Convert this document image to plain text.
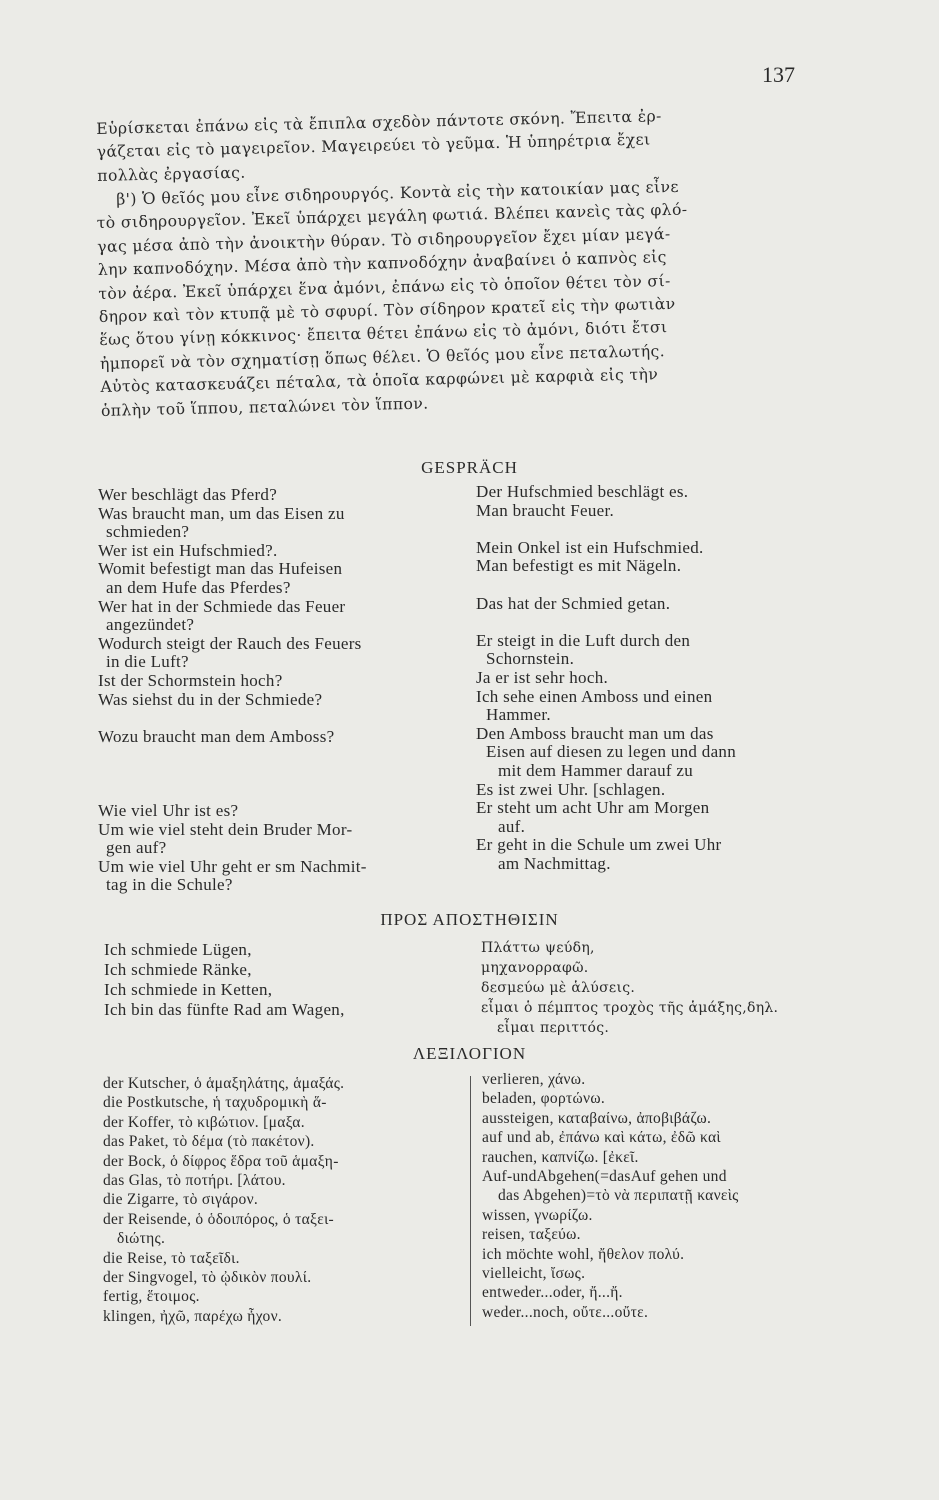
137

Εὑρίσκεται ἐπάνω εἰς τὰ ἔπιπλα σχεδὸν πάντοτε σκόνη. Ἔπειτα ἐρ-

γάζεται εἰς τὸ μαγειρεῖον. Μαγειρεύει τὸ γεῦμα. Ἡ ὑπηρέτρια ἔχει

πολλὰς ἐργασίας.

β') Ὁ θεῖός μου εἶνε σιδηρουργός. Κοντὰ εἰς τὴν κατοικίαν μας εἶνε

τὸ σιδηρουργεῖον. Ἐκεῖ ὑπάρχει μεγάλη φωτιά. Βλέπει κανεὶς τὰς φλό-

γας μέσα ἀπὸ τὴν ἀνοικτὴν θύραν. Τὸ σιδηρουργεῖον ἔχει μίαν μεγά-

λην καπνοδόχην. Μέσα ἀπὸ τὴν καπνοδόχην ἀναβαίνει ὁ καπνὸς εἰς

τὸν ἀέρα. Ἐκεῖ ὑπάρχει ἕνα ἀμόνι, ἐπάνω εἰς τὸ ὁποῖον θέτει τὸν σί-

δηρον καὶ τὸν κτυπᾷ μὲ τὸ σφυρί. Τὸν σίδηρον κρατεῖ εἰς τὴν φωτιὰν

ἕως ὅτου γίνῃ κόκκινος· ἔπειτα θέτει ἐπάνω εἰς τὸ ἀμόνι, διότι ἔτσι

ἠμπορεῖ νὰ τὸν σχηματίσῃ ὅπως θέλει. Ὁ θεῖός μου εἶνε πεταλωτής.

Αὐτὸς κατασκευάζει πέταλα, τὰ ὁποῖα καρφώνει μὲ καρφιὰ εἰς τὴν

ὁπλὴν τοῦ ἵππου, πεταλώνει τὸν ἵππον.

GESPRÄCH
Wer beschlägt das Pferd?
Was braucht man, um das Eisen zu
schmieden?
Wer ist ein Hufschmied?.
Womit befestigt man das Hufeisen
an dem Hufe das Pferdes?
Wer hat in der Schmiede das Feuer
angezündet?
Wodurch steigt der Rauch des Feuers
in die Luft?
Ist der Schormstein hoch?
Was siehst du in der Schmiede?
Wozu braucht man dem Amboss?
Wie viel Uhr ist es?
Um wie viel steht dein Bruder Mor-
gen auf?
Um wie viel Uhr geht er sm Nachmit-
tag in die Schule?
Der Hufschmied beschlägt es.
Man braucht Feuer.
Mein Onkel ist ein Hufschmied.
Man befestigt es mit Nägeln.
Das hat der Schmied getan.
Er steigt in die Luft durch den
Schornstein.
Ja er ist sehr hoch.
Ich sehe einen Amboss und einen
Hammer.
Den Amboss braucht man um das
Eisen auf diesen zu legen und dann
mit dem Hammer darauf zu
Es ist zwei Uhr. [schlagen.
Er steht um acht Uhr am Morgen
auf.
Er geht in die Schule um zwei Uhr
am Nachmittag.
ΠΡΟΣ ΑΠΟΣΤΗΘΙΣΙΝ
Ich schmiede Lügen,
Ich schmiede Ränke,
Ich schmiede in Ketten,
Ich bin das fünfte Rad am Wagen,
Πλάττω ψεύδη,
μηχανορραφῶ.
δεσμεύω μὲ ἁλύσεις.
εἶμαι ὁ πέμπτος τροχὸς τῆς ἁμάξης,δηλ.
εἶμαι περιττός.
ΛΕΞΙΛΟΓΙΟΝ
der Kutscher, ὁ ἁμαξηλάτης, ἁμαξάς.
die Postkutsche, ἡ ταχυδρομικὴ ἅ-
der Koffer, τὸ κιβώτιον. [μαξα.
das Paket, τὸ δέμα (τὸ πακέτον).
der Bock, ὁ δίφρος ἕδρα τοῦ ἁμαξη-
das Glas, τὸ ποτήρι. [λάτου.
die Zigarre, τὸ σιγάρον.
der Reisende, ὁ ὁδοιπόρος, ὁ ταξει-
διώτης.
die Reise, τὸ ταξεῖδι.
der Singvogel, τὸ ᾠδικὸν πουλί.
fertig, ἕτοιμος.
klingen, ἠχῶ, παρέχω ἦχον.
verlieren, χάνω.
beladen, φορτώνω.
aussteigen, καταβαίνω, ἀποβιβάζω.
auf und ab, ἐπάνω καὶ κάτω, ἐδῶ καὶ
rauchen, καπνίζω. [ἐκεῖ.
Auf-undAbgehen(=dasAuf gehen und
das Abgehen)=τὸ νὰ περιπατῇ κανεὶς
wissen, γνωρίζω.
reisen, ταξεύω.
ich möchte wohl, ἤθελον πολύ.
vielleicht, ἴσως.
entweder...oder, ἤ...ἤ.
weder...noch, οὔτε...οὔτε.
